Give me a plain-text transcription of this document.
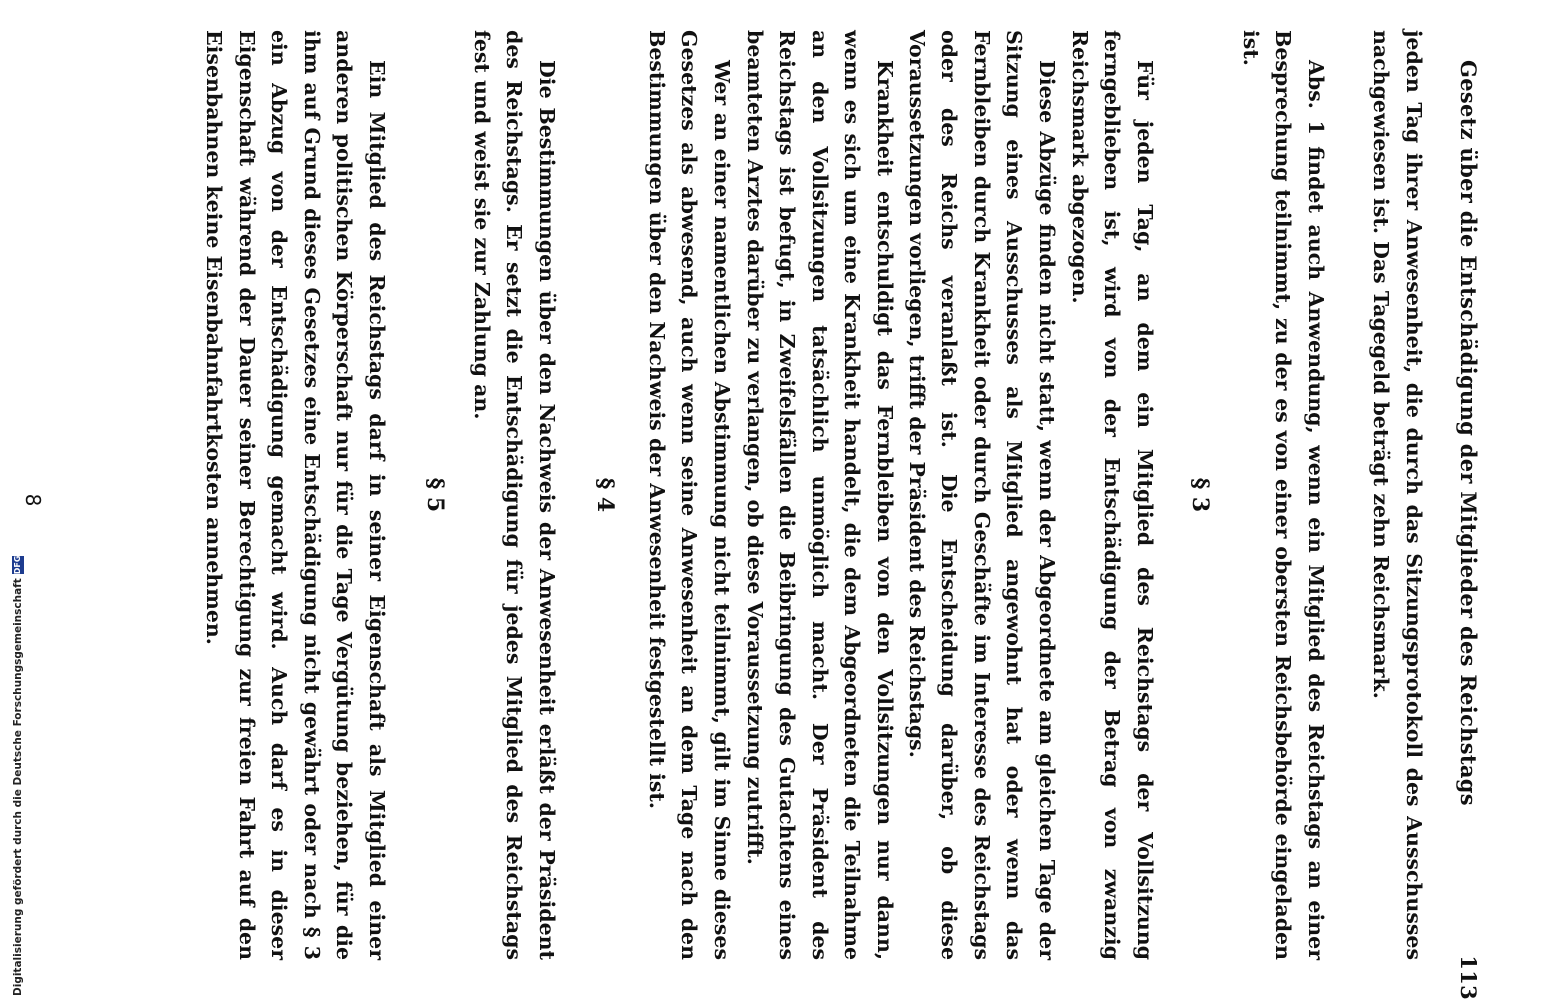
Gesetz über die Entschädigung der Mitglieder des Reichstags
113

jeden Tag ihrer Anwesenheit, die durch das Sitzungsprotokoll des Ausschusses nachgewiesen ist. Das Tagegeld beträgt zehn Reichsmark.

Abs. 1 findet auch Anwendung, wenn ein Mitglied des Reichstags an einer Besprechung teilnimmt, zu der es von einer obersten Reichsbehörde eingeladen ist.

§ 3

Für jeden Tag, an dem ein Mitglied des Reichstags der Vollsitzung ferngeblieben ist, wird von der Entschädigung der Betrag von zwanzig Reichsmark abgezogen.

Diese Abzüge finden nicht statt, wenn der Abgeordnete am gleichen Tage der Sitzung eines Ausschusses als Mitglied angewohnt hat oder wenn das Fernbleiben durch Krankheit oder durch Geschäfte im Interesse des Reichstags oder des Reichs veranlaßt ist. Die Entscheidung darüber, ob diese Voraussetzungen vorliegen, trifft der Präsident des Reichstags.

Krankheit entschuldigt das Fernbleiben von den Vollsitzungen nur dann, wenn es sich um eine Krankheit handelt, die dem Abgeordneten die Teilnahme an den Vollsitzungen tatsächlich unmöglich macht. Der Präsident des Reichstags ist befugt, in Zweifelsfällen die Beibringung des Gutachtens eines beamteten Arztes darüber zu verlangen, ob diese Voraussetzung zutrifft.

Wer an einer namentlichen Abstimmung nicht teilnimmt, gilt im Sinne dieses Gesetzes als abwesend, auch wenn seine Anwesenheit an dem Tage nach den Bestimmungen über den Nachweis der Anwesenheit festgestellt ist.

§ 4

Die Bestimmungen über den Nachweis der Anwesenheit erläßt der Präsident des Reichstags. Er setzt die Entschädigung für jedes Mitglied des Reichstags fest und weist sie zur Zahlung an.

§ 5

Ein Mitglied des Reichstags darf in seiner Eigenschaft als Mitglied einer anderen politischen Körperschaft nur für die Tage Vergütung beziehen, für die ihm auf Grund dieses Gesetzes eine Entschädigung nicht gewährt oder nach § 3 ein Abzug von der Entschädigung gemacht wird. Auch darf es in dieser Eigenschaft während der Dauer seiner Berechtigung zur freien Fahrt auf den Eisenbahnen keine Eisenbahnfahrtkosten annehmen.

8
Digitalisierung gefördert durch die Deutsche Forschungsgemeinschaft
DFG
